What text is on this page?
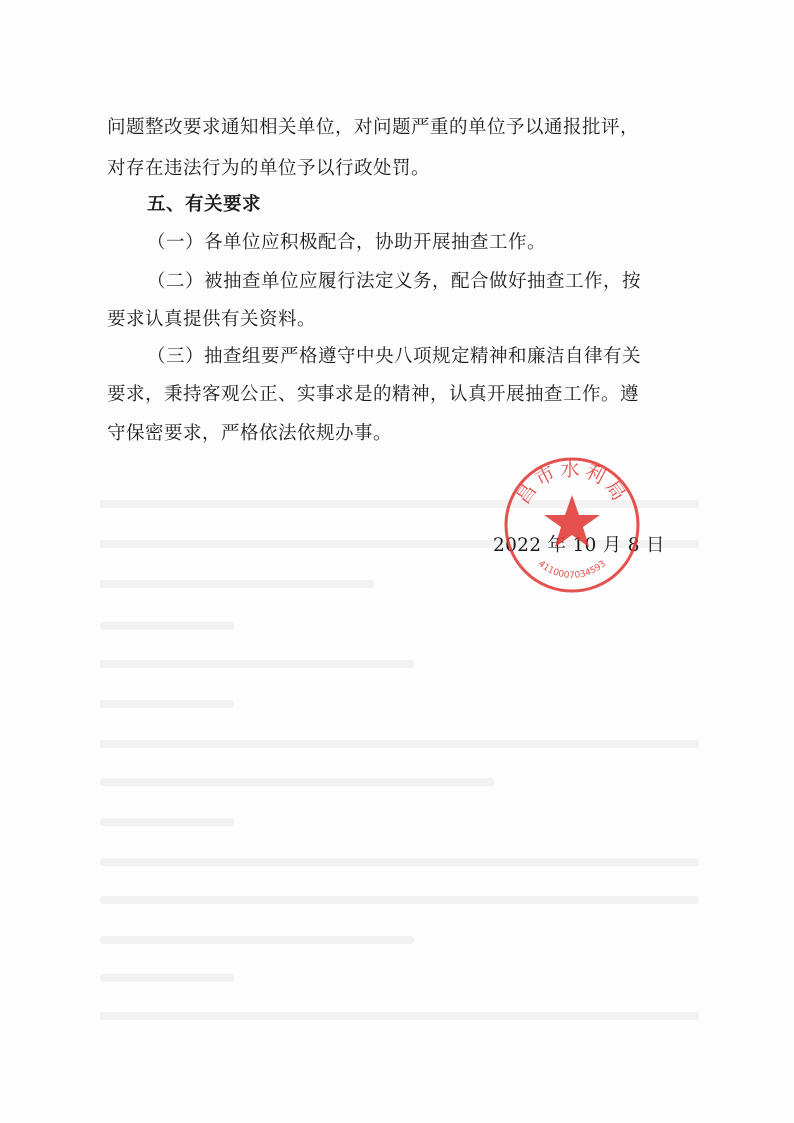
问题整改要求通知相关单位，对问题严重的单位予以通报批评，
对存在违法行为的单位予以行政处罚。
五、有关要求
（一）各单位应积极配合，协助开展抽查工作。
（二）被抽查单位应履行法定义务，配合做好抽查工作，按
要求认真提供有关资料。
（三）抽查组要严格遵守中央八项规定精神和廉洁自律有关
要求，秉持客观公正、实事求是的精神，认真开展抽查工作。遵
守保密要求，严格依法依规办事。
2022 年 10 月 8 日
昌市水利局
4110007034593
